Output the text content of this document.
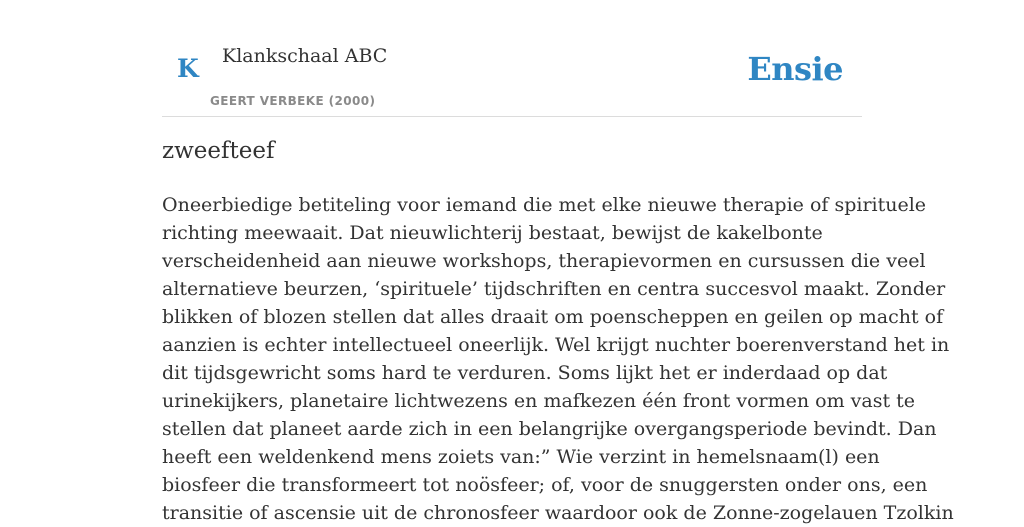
K Klankschaal ABC
GEERT VERBEKE (2000)
Ensie
zweefteef
Oneerbiedige betiteling voor iemand die met elke nieuwe therapie of spirituele
richting meewaait. Dat nieuwlichterij bestaat, bewijst de kakelbonte
verscheidenheid aan nieuwe workshops, therapievormen en cursussen die veel
alternatieve beurzen, ‘spirituele’ tijdschriften en centra succesvol maakt. Zonder
blikken of blozen stellen dat alles draait om poenscheppen en geilen op macht of
aanzien is echter intellectueel oneerlijk. Wel krijgt nuchter boerenverstand het in
dit tijdsgewricht soms hard te verduren. Soms lijkt het er inderdaad op dat
urinekijkers, planetaire lichtwezens en mafkezen één front vormen om vast te
stellen dat planeet aarde zich in een belangrijke overgangsperiode bevindt. Dan
heeft een weldenkend mens zoiets van:” Wie verzint in hemelsnaam(l) een
biosfeer die transformeert tot noösfeer; of, voor de snuggersten onder ons, een
transitie of ascensie uit de chronosfeer waardoor ook de Zonne-zogelauen Tzolkin
